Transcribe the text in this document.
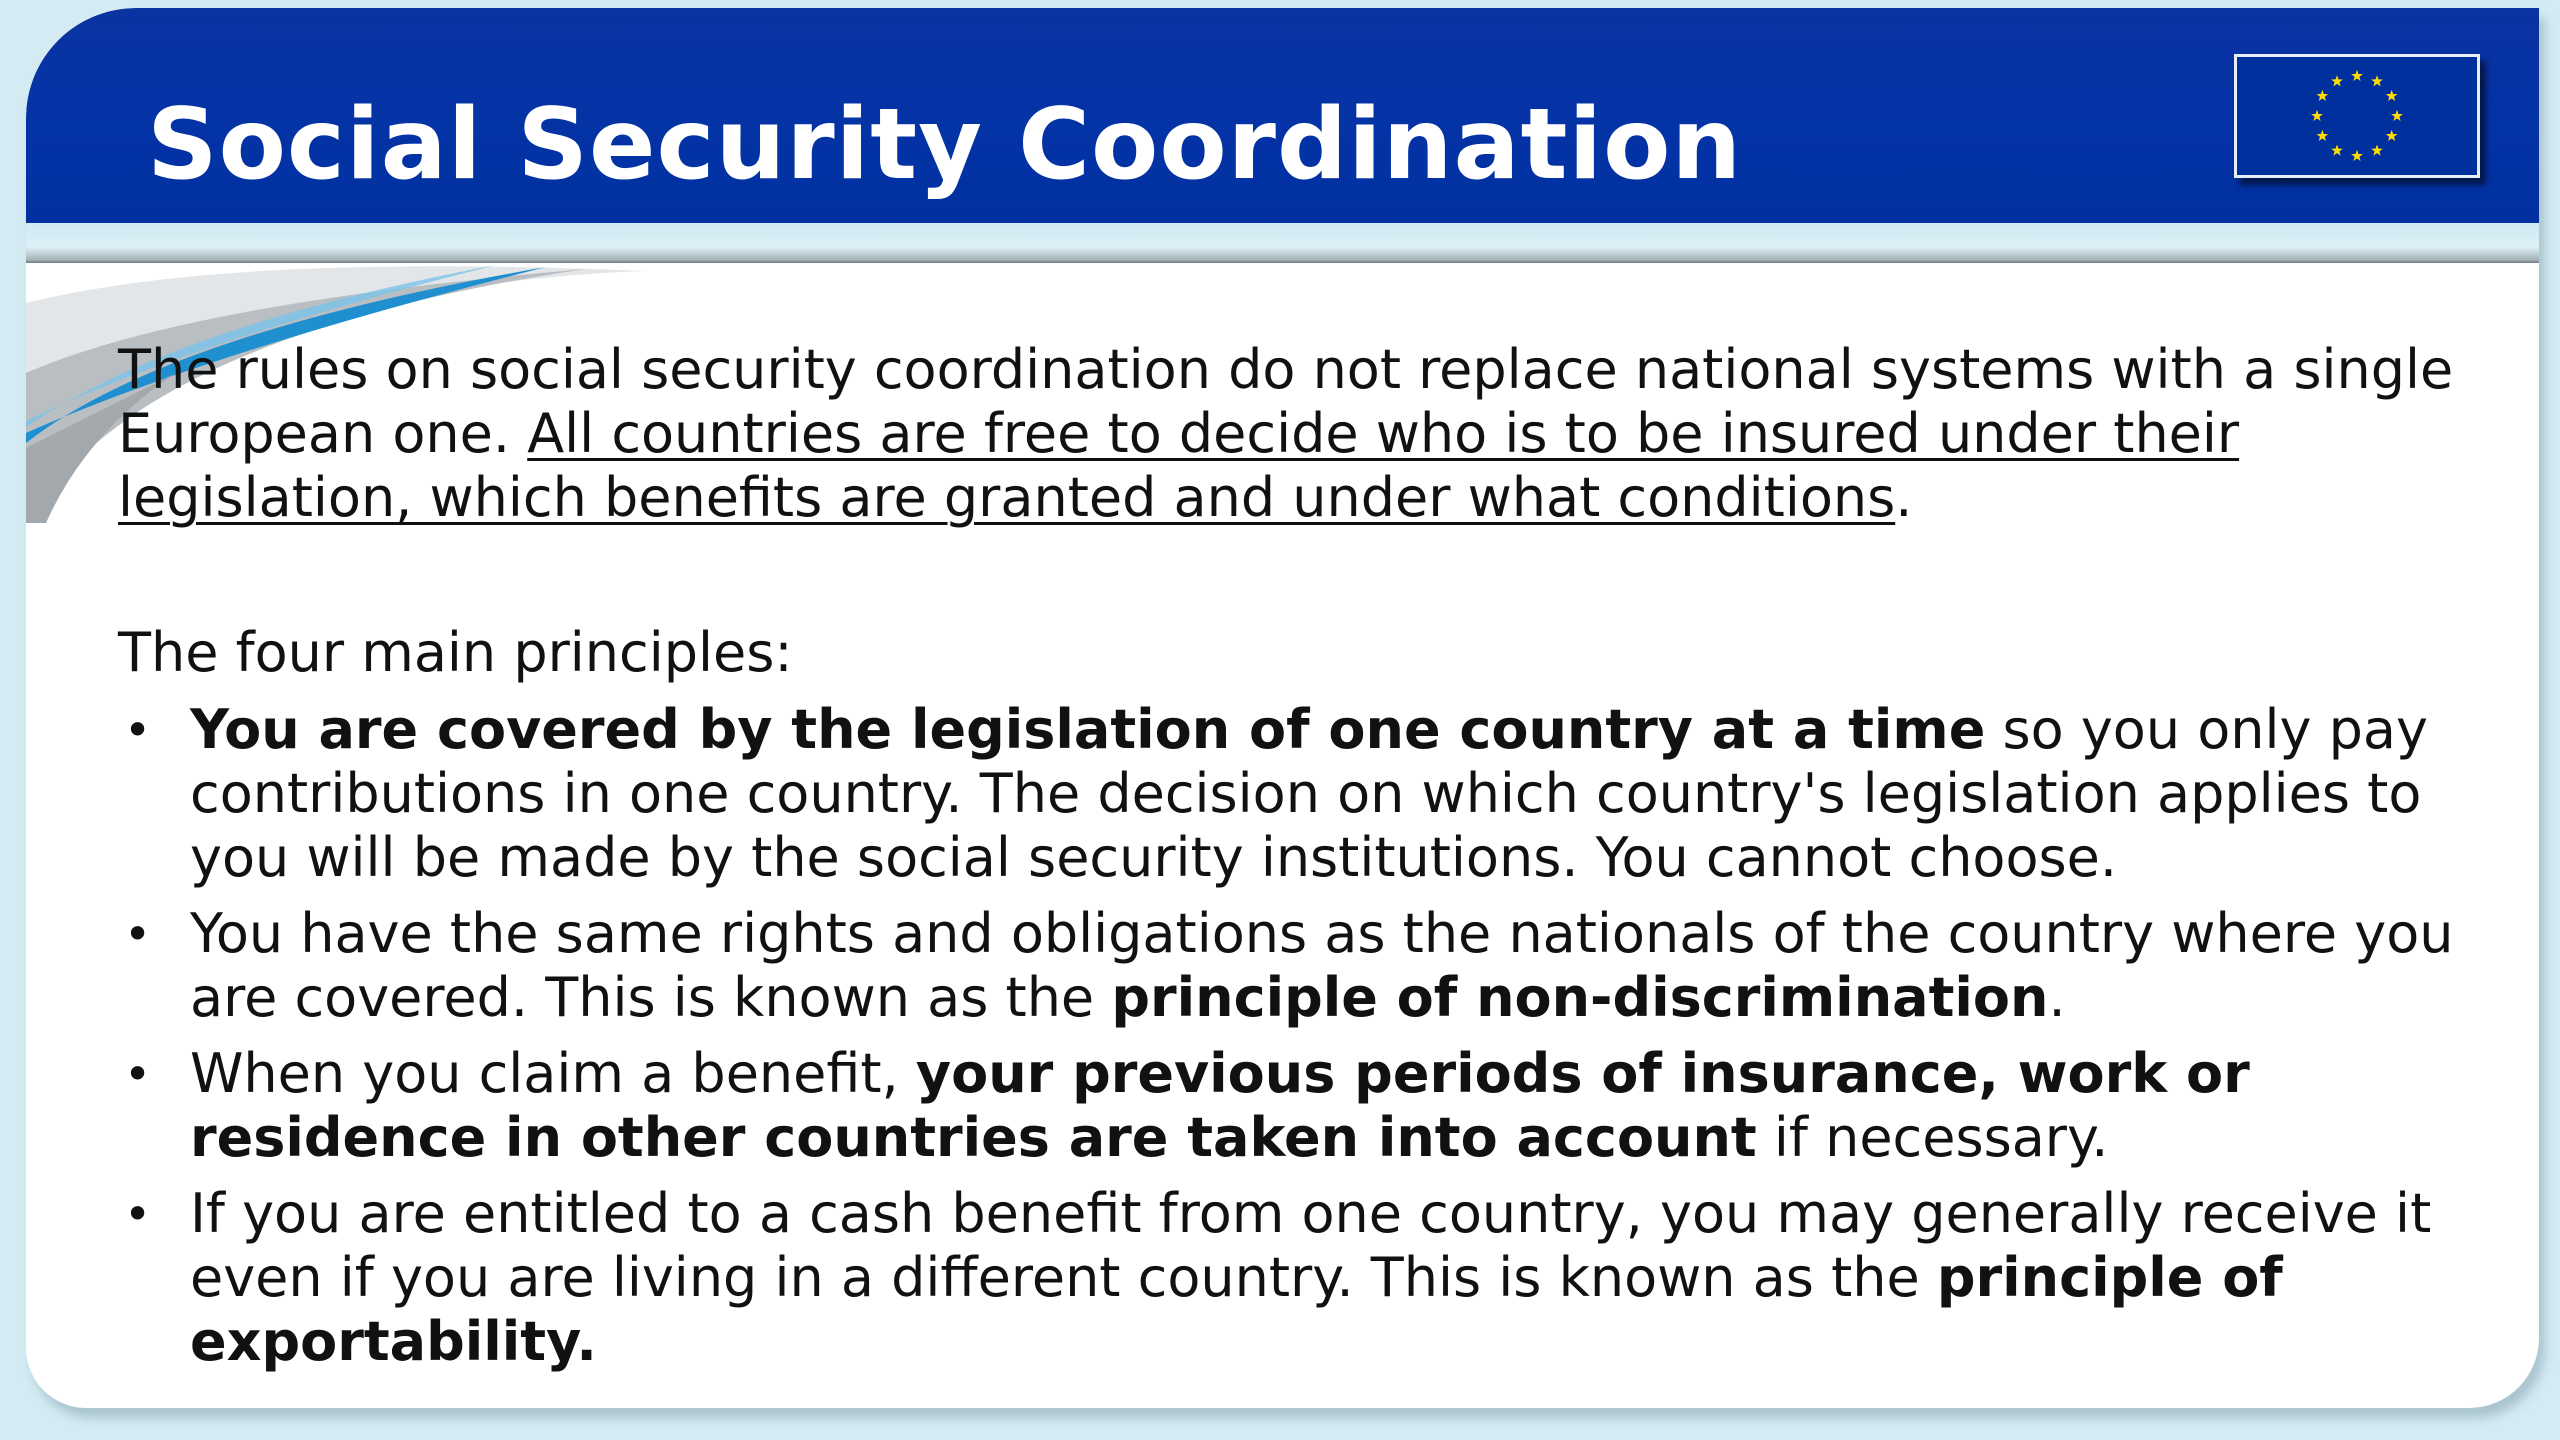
Social Security Coordination

The rules on social security coordination do not replace national systems with a single European one. All countries are free to decide who is to be insured under their legislation, which benefits are granted and under what conditions.

The four main principles:

• You are covered by the legislation of one country at a time so you only pay contributions in one country. The decision on which country's legislation applies to you will be made by the social security institutions. You cannot choose.
• You have the same rights and obligations as the nationals of the country where you are covered. This is known as the principle of non-discrimination.
• When you claim a benefit, your previous periods of insurance, work or residence in other countries are taken into account if necessary.
• If you are entitled to a cash benefit from one country, you may generally receive it even if you are living in a different country. This is known as the principle of exportability.
